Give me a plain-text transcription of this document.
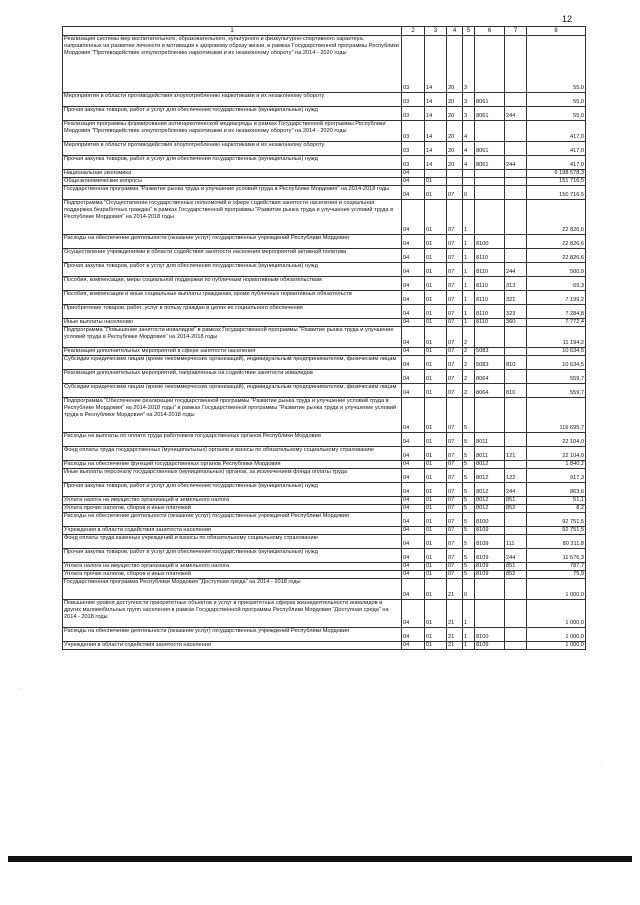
12
1	2	3	4	5	6	7	8
Реализация системы мер воспитательного, образовательного, культурного и физкультурно-спортивного характера, направленных на развитие личности и мотивации к здоровому образу жизни, в рамках Государственной программы Республики Мордовия "Противодействие злоупотреблению наркотиками и их незаконному обороту" на 2014 - 2020 годы	03	14	20	3			55,0
Мероприятия в области противодействия злоупотреблению наркотиками и их незаконному обороту	03	14	20	3	8061		55,0
Прочая закупка товаров, работ и услуг для обеспечения государственных (муниципальных) нужд	03	14	20	3	8061	244	55,0
Реализация программы формирования антинаркотической медиасреды в рамках Государственной программы Республики Мордовия "Противодействие злоупотреблению наркотиками и их незаконному обороту" на 2014 - 2020 годы	03	14	20	4			417,0
Мероприятия в области противодействия злоупотреблению наркотиками и их незаконному обороту	03	14	20	4	8061		417,0
Прочая закупка товаров, работ и услуг для обеспечения государственных (муниципальных) нужд	03	14	20	4	8061	244	417,0
Национальная экономика	04						6 198 578,3
Общеэкономические вопросы	04	01					151 716,5
Государственная программа "Развитие рынка труда и улучшение условий труда в Республике Мордовия" на 2014-2018 годы	04	01	07	0			150 716,5
Подпрограмма "Осуществление государственных полномочий в сфере содействия занятости населения и социальная поддержка безработных граждан" в рамках Государственной программы "Развитие рынка труда и улучшение условий труда в Республике Мордовия" на 2014-2018 годы	04	01	07	1			22 826,6
Расходы на обеспечение деятельности (оказание услуг) государственных учреждений Республики Мордовия	04	01	07	1	8100		22 826,6
Осуществление учреждениями в области содействия занятости населения мероприятий активной политики	04	01	07	1	8110		22 826,6
Прочая закупка товаров, работ и услуг для обеспечения государственных (муниципальных) нужд	04	01	07	1	8110	244	500,9
Пособия, компенсации, меры социальной поддержки по публичным нормативным обязательствам	04	01	07	1	8110	313	69,3
Пособия, компенсации и иные социальные выплаты гражданам, кроме публичных нормативных обязательств	04	01	07	1	8110	321	7 199,2
Приобретение товаров, работ, услуг в пользу граждан в целях их социального обеспечения	04	01	07	1	8110	323	7 284,8
Иные выплаты населению	04	01	07	1	8110	360	7 772,4
Подпрограмма "Повышение занятости инвалидов" в рамках Государственной программы "Развитие рынка труда и улучшение условий труда в Республике Мордовия" на 2014-2018 годы	04	01	07	2			11 194,2
Реализация дополнительных мероприятий в сфере занятости населения	04	01	07	2	5083		10 634,5
Субсидии юридическим лицам (кроме некоммерческих организаций), индивидуальным предпринимателям, физическим лицам	04	01	07	2	5083	810	10 634,5
Реализация дополнительных мероприятий, направленных на содействие занятости инвалидов	04	01	07	2	8064		559,7
Субсидии юридическим лицам (кроме некоммерческих организаций), индивидуальным предпринимателям, физическим лицам	04	01	07	2	8064	810	559,7
Подпрограмма "Обеспечение реализации государственной программы "Развитие рынка труда и улучшение условий труда в Республике Мордовия" на 2014-2018 годы" в рамках Государственной программы "Развитие рынка труда и улучшение условий труда в Республике Мордовия" на 2014-2018 годы	04	01	07	5			116 695,7
Расходы на выплаты по оплате труда работников государственных органов Республики Мордовия	04	01	07	5	8011		22 104,0
Фонд оплаты труда государственных (муниципальных) органов и взносы по обязательному социальному страхованию	04	01	07	5	8011	121	22 104,0
Расходы на обеспечение функций государственных органов Республики Мордовия	04	01	07	5	8012		1 840,2
Иные выплаты персоналу государственных (муниципальных) органов, за исключением фонда оплаты труда	04	01	07	5	8012	122	917,3
Прочая закупка товаров, работ и услуг для обеспечения государственных (муниципальных) нужд	04	01	07	5	8012	244	863,6
Уплата налога на имущество организаций и земельного налога	04	01	07	5	8012	851	51,1
Уплата прочих налогов, сборов и иных платежей	04	01	07	5	8012	852	8,2
Расходы на обеспечение деятельности (оказание услуг) государственных учреждений Республики Мордовия	04	01	07	5	8100		92 751,5
Учреждения в области содействия занятости населения	04	01	07	5	8109		92 751,5
Фонд оплаты труда казенных учреждений и взносы по обязательному социальному страхованию	04	01	07	5	8109	111	80 311,8
Прочая закупка товаров, работ и услуг для обеспечения государственных (муниципальных) нужд	04	01	07	5	8109	244	11 576,3
Уплата налога на имущество организаций и земельного налога	04	01	07	5	8109	851	787,7
Уплата прочих налогов, сборов и иных платежей	04	01	07	5	8109	852	75,9
Государственная программа Республики Мордовия "Доступная среда" на 2014 - 2018 годы	04	01	21	0			1 000,0
Повышение уровня доступности приоритетных объектов и услуг в приоритетных сферах жизнедеятельности инвалидов и других маломобильных групп населения в рамках Государственной программы Республики Мордовия "Доступная среда" на 2014 - 2018 годы	04	01	21	1			1 000,0
Расходы на обеспечение деятельности (оказание услуг) государственных учреждений Республики Мордовия	04	01	21	1	8100		1 000,0
Учреждения в области содействия занятости населения	04	01	21	1	8109		1 000,0
·
·
